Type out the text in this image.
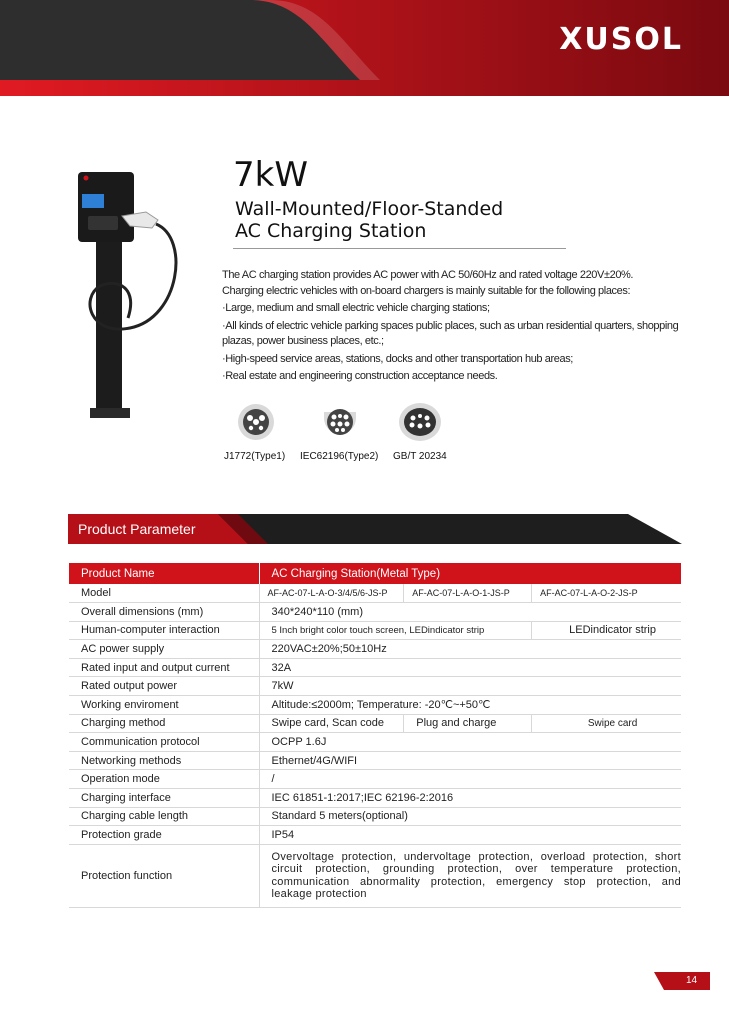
XUSOL
7kW
Wall-Mounted/Floor-Standed
AC Charging Station

The AC charging station provides AC power with AC 50/60Hz and rated voltage 220V±20%.

Charging electric vehicles with on-board chargers is mainly suitable for the following places:

·Large, medium and small electric vehicle charging stations;

·All kinds of electric vehicle parking spaces public places, such as urban residential quarters, shopping plazas, power business places, etc.;

·High-speed service areas, stations, docks and other transportation hub areas;

·Real estate and engineering construction acceptance needs.

J1772(Type1) IEC62196(Type2) GB/T 20234
Product Parameter
Product Name	AC Charging Station(Metal Type)		
Model	AF-AC-07-L-A-O-3/4/5/6-JS-P	AF-AC-07-L-A-O-1-JS-P	AF-AC-07-L-A-O-2-JS-P
Overall dimensions (mm)	340*240*110 (mm)		
Human-computer interaction	5 Inch bright color touch screen, LEDindicator strip		LEDindicator strip
AC power supply	220VAC±20%;50±10Hz		
Rated input and output current	32A		
Rated output power	7kW		
Working enviroment	Altitude:≤2000m; Temperature: -20℃~+50℃		
Charging method	Swipe card, Scan code	Plug and charge	Swipe card
Communication protocol	OCPP 1.6J		
Networking methods	Ethernet/4G/WIFI		
Operation mode	/		
Charging interface	IEC 61851-1:2017;IEC 62196-2:2016		
Charging cable length	Standard 5 meters(optional)		
Protection grade	IP54		
Protection function	Overvoltage protection, undervoltage protection, overload protection, short circuit protection, grounding protection, over temperature protection, communication abnormality protection, emergency stop protection, and leakage protection		
14
